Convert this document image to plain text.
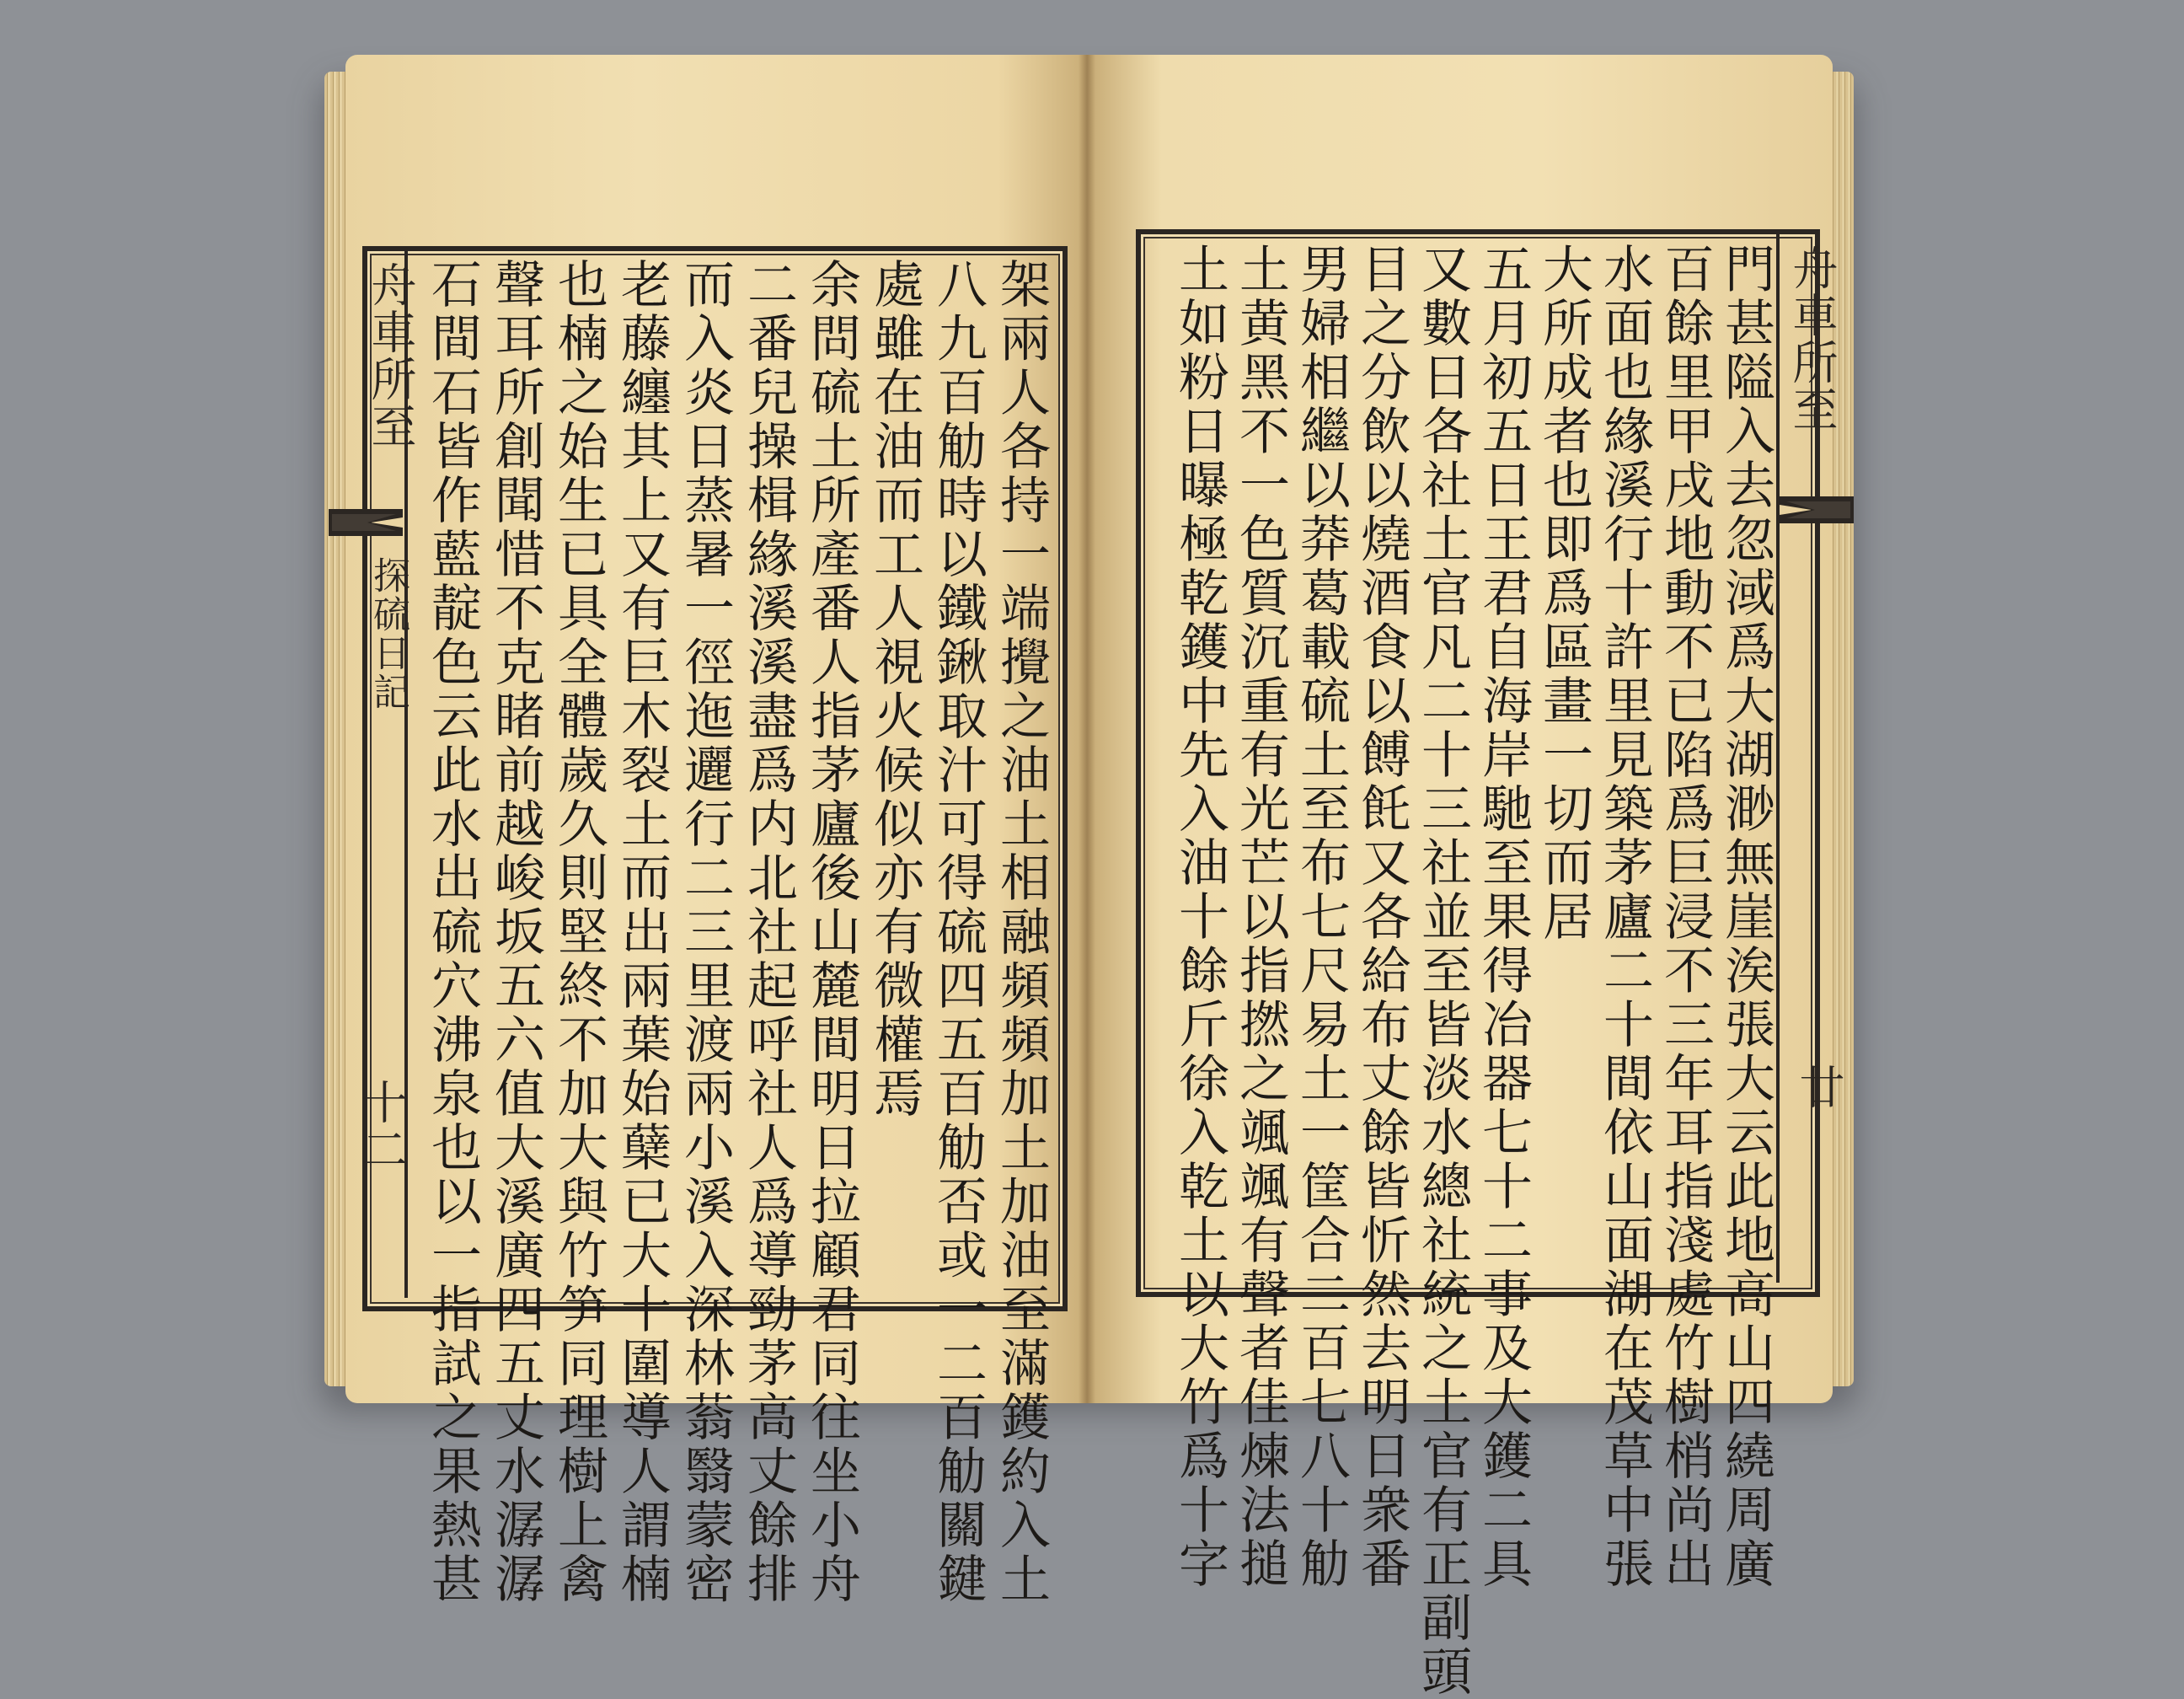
舟車所至
探硫日記
十二	架兩人各持一端攪之油土相融頻頻加土加油至滿鑊約入土
八九百觔時以鐵鍬取汁可得硫四五百觔否或一二百觔關鍵
處雖在油而工人視火候似亦有微權焉
余問硫土所產番人指茅廬後山麓間明日拉顧君同往坐小舟
二番兒操楫緣溪溪盡爲内北社起呼社人爲導勁茅高丈餘排
而入炎日蒸暑一徑迤邐行二三里渡兩小溪入深林蓊翳蒙密
老藤纏其上又有巨木裂土而出兩葉始蘖已大十圍導人謂楠
也楠之始生已具全體歲久則堅終不加大與竹笋同理樹上禽
聲耳所創聞惜不克睹前越峻坂五六值大溪廣四五丈水潺潺
石間石皆作藍靛色云此水出硫穴沸泉也以一指試之果熱甚	舟車所至
廿
門甚隘入去忽淢爲大湖渺無崖涘張大云此地高山四繞周廣
百餘里甲戌地動不已陷爲巨浸不三年耳指淺處竹樹梢尚出
水面也緣溪行十許里見築茅廬二十間依山面湖在茂草中張
大所成者也即爲區畫一切而居
五月初五日王君自海岸馳至果得冶器七十二事及大鑊二具
又數日各社土官凡二十三社並至皆淡水總社統之土官有正副頭
目之分飲以燒酒食以餺飥又各給布丈餘皆忻然去明日衆番
男婦相繼以莽葛載硫土至布七尺易土一筐合二百七八十觔
土黄黑不一色質沉重有光芒以指撚之颯颯有聲者佳煉法搥
土如粉日曝極乾鑊中先入油十餘斤徐入乾土以大竹爲十字
